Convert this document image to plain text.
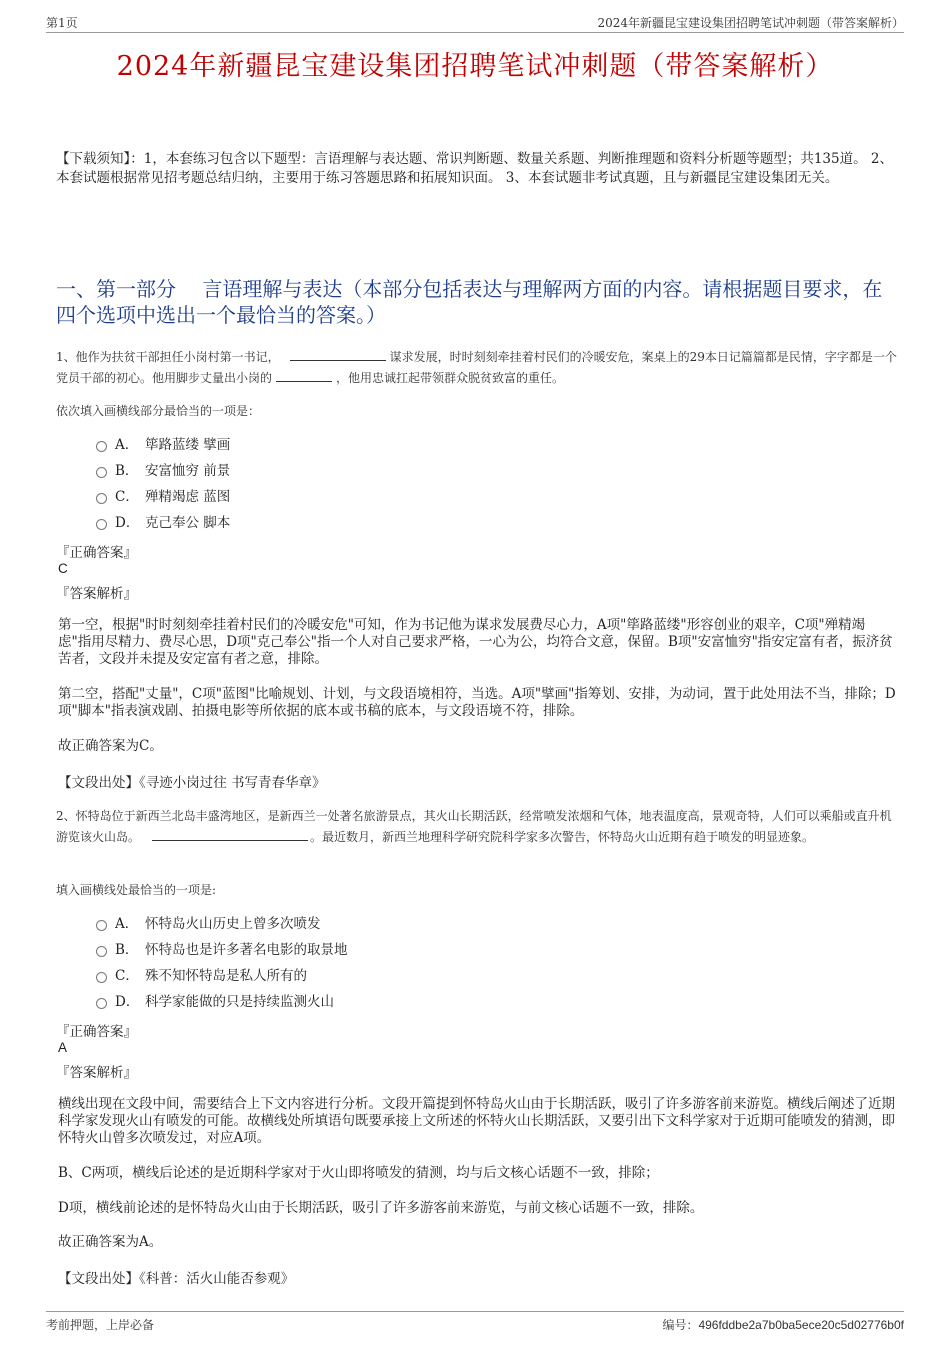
第1页	2024年新疆昆宝建设集团招聘笔试冲刺题（带答案解析）
2024年新疆昆宝建设集团招聘笔试冲刺题（带答案解析）
【下载须知】：1，本套练习包含以下题型：言语理解与表达题、常识判断题、数量关系题、判断推理题和资料分析题等题型；共135道。 2、本套试题根据常见招考题总结归纳，主要用于练习答题思路和拓展知识面。 3、本套试题非考试真题，且与新疆昆宝建设集团无关。
一、第一部分　 言语理解与表达（本部分包括表达与理解两方面的内容。请根据题目要求，在四个选项中选出一个最恰当的答案。）
1、他作为扶贫干部担任小岗村第一书记，	谋求发展，时时刻刻牵挂着村民们的冷暖安危，案桌上的29本日记篇篇都是民情，字字都是一个党员干部的初心。他用脚步丈量出小岗的	，他用忠诚扛起带领群众脱贫致富的重任。
依次填入画横线部分最恰当的一项是：
A． 筚路蓝缕 擘画
B． 安富恤穷 前景
C． 殚精竭虑 蓝图
D． 克己奉公 脚本
『正确答案』
C
『答案解析』
第一空，根据"时时刻刻牵挂着村民们的冷暖安危"可知，作为书记他为谋求发展费尽心力，A项"筚路蓝缕"形容创业的艰辛，C项"殚精竭虑"指用尽精力、费尽心思，D项"克己奉公"指一个人对自己要求严格，一心为公，均符合文意，保留。B项"安富恤穷"指安定富有者，振济贫苦者，文段并未提及安定富有者之意，排除。
第二空，搭配"丈量"，C项"蓝图"比喻规划、计划，与文段语境相符，当选。A项"擘画"指筹划、安排，为动词，置于此处用法不当，排除；D项"脚本"指表演戏剧、拍摄电影等所依据的底本或书稿的底本，与文段语境不符，排除。
故正确答案为C。
【文段出处】《寻迹小岗过往 书写青春华章》
2、怀特岛位于新西兰北岛丰盛湾地区，是新西兰一处著名旅游景点，其火山长期活跃，经常喷发浓烟和气体，地表温度高，景观奇特，人们可以乘船或直升机游览该火山岛。	。最近数月，新西兰地理科学研究院科学家多次警告，怀特岛火山近期有趋于喷发的明显迹象。
填入画横线处最恰当的一项是:
A． 怀特岛火山历史上曾多次喷发
B． 怀特岛也是许多著名电影的取景地
C． 殊不知怀特岛是私人所有的
D． 科学家能做的只是持续监测火山
『正确答案』
A
『答案解析』
横线出现在文段中间，需要结合上下文内容进行分析。文段开篇提到怀特岛火山由于长期活跃，吸引了许多游客前来游览。横线后阐述了近期科学家发现火山有喷发的可能。故横线处所填语句既要承接上文所述的怀特火山长期活跃，又要引出下文科学家对于近期可能喷发的猜测，即怀特火山曾多次喷发过，对应A项。
B、C两项，横线后论述的是近期科学家对于火山即将喷发的猜测，均与后文核心话题不一致，排除；
D项，横线前论述的是怀特岛火山由于长期活跃，吸引了许多游客前来游览，与前文核心话题不一致，排除。
故正确答案为A。
【文段出处】《科普：活火山能否参观》
考前押题，上岸必备	编号：496fddbe2a7b0ba5ece20c5d02776b0f
